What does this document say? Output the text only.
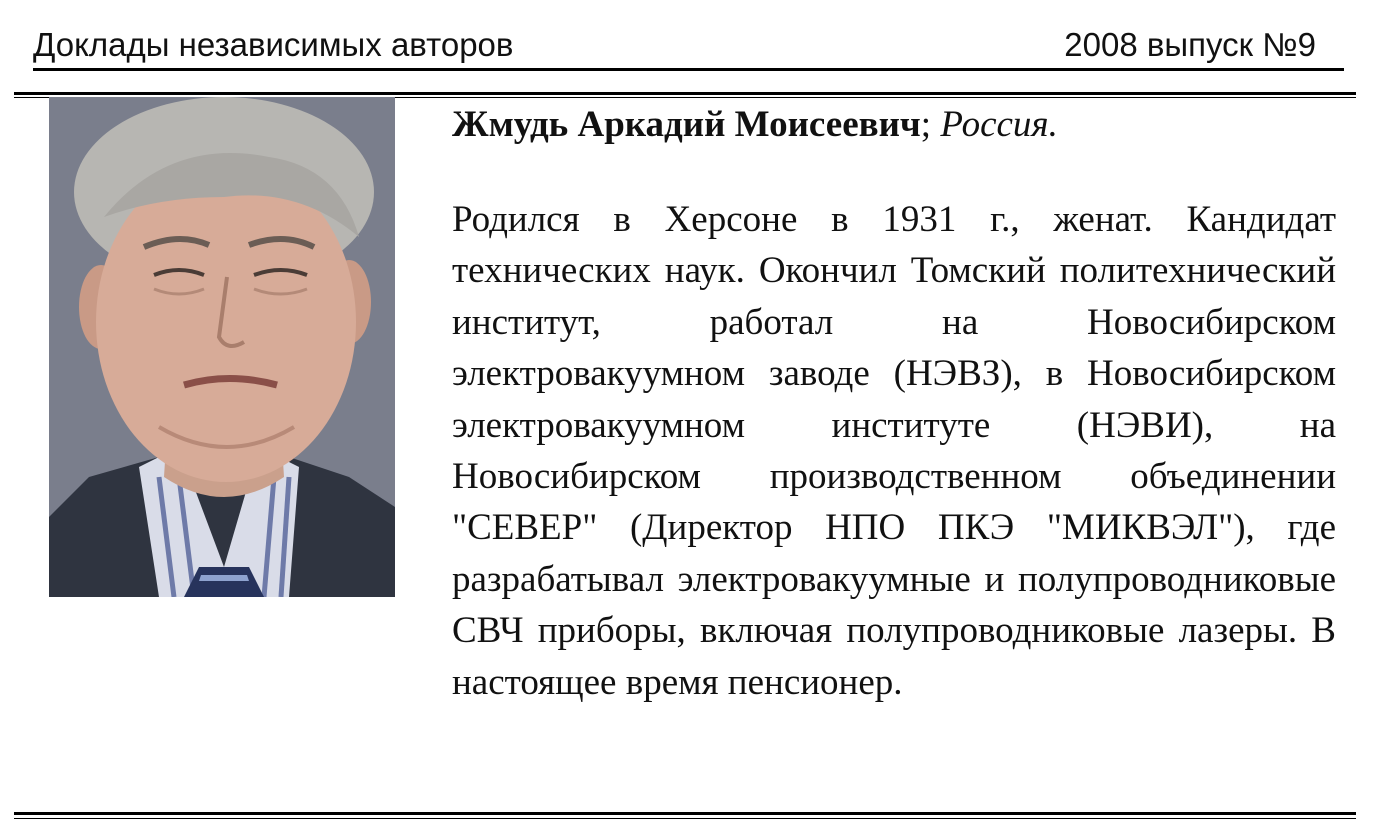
Доклады независимых авторов	2008 выпуск №9

Жмудь Аркадий Моисеевич; Россия.

Родился в Херсоне в 1931 г., женат. Кандидат технических наук. Окончил Томский политехнический институт, работал на Новосибирском электровакуумном заводе (НЭВЗ), в Новосибирском электровакуумном институте (НЭВИ), на Новосибирском производственном объединении "СЕВЕР" (Директор НПО ПКЭ "МИКВЭЛ"), где разрабатывал электровакуумные и полупроводниковые СВЧ приборы, включая полупроводниковые лазеры. В настоящее время пенсионер.
